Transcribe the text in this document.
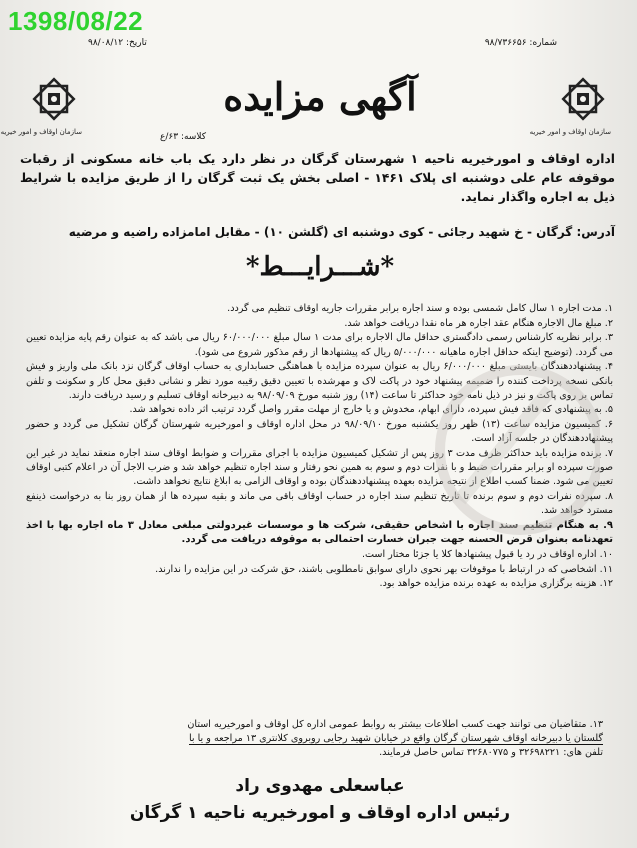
1398/08/22
شماره: ۹۸/۷۳۶۶۵۶
تاریخ: ۹۸/۰۸/۱۲
سازمان اوقاف و امور خیریه
سازمان اوقاف و امور خیریه
آگهی مزایده
کلاسه: ۶۳/ع
اداره اوقاف و امورخیریه ناحیه ۱ شهرستان گرگان در نظر دارد یک باب خانه مسکونی از رقبات موقوفه عام علی دوشنبه ای پلاک ۱۴۶۱ - اصلی بخش یک ثبت گرگان را از طریق مزایده با شرایط ذیل به اجاره واگذار نماید.
آدرس: گرگان - خ شهید رجائی - کوی دوشنبه ای (گلشن ۱۰) - مقابل امامزاده راضیه و مرضیه
*شـــرایـــط*
۱. مدت اجاره ۱ سال کامل شمسی بوده و سند اجاره برابر مقررات جاریه اوقاف تنظیم می گردد.
۲. مبلغ مال الاجاره هنگام عقد اجاره هر ماه نقدا دریافت خواهد شد.
۳. برابر نظریه کارشناس رسمی دادگستری حداقل مال الاجاره برای مدت ۱ سال مبلغ ۶۰/۰۰۰/۰۰۰ ریال می باشد که به عنوان رقم پایه مزایده تعیین می گردد. (توضیح اینکه حداقل اجاره ماهیانه ۵/۰۰۰/۰۰۰ ریال که پیشنهادها از رقم مذکور شروع می شود).
۴. پیشنهاددهندگان بایستی مبلغ ۶/۰۰۰/۰۰۰ ریال به عنوان سپرده مزایده با هماهنگی حسابداری به حساب اوقاف گرگان نزد بانک ملی واریز و فیش بانکی نسخه پرداخت کننده را ضمیمه پیشنهاد خود در پاکت لاک و مهرشده با تعیین دقیق رقیبه مورد نظر و نشانی دقیق محل کار و سکونت و تلفن تماس بر روی پاکت و نیز در ذیل نامه خود حداکثر تا ساعت (۱۴) روز شنبه مورخ ۹۸/۰۹/۰۹ به دبیرخانه اوقاف تسلیم و رسید دریافت دارند.
۵. به پیشنهادی که فاقد فیش سپرده، دارای ابهام، مخدوش و یا خارج از مهلت مقرر واصل گردد ترتیب اثر داده نخواهد شد.
۶. کمیسیون مزایده ساعت (۱۳) ظهر روز یکشنبه مورخ ۹۸/۰۹/۱۰ در محل اداره اوقاف و امورخیریه شهرستان گرگان تشکیل می گردد و حضور پیشنهاددهندگان در جلسه آزاد است.
۷. برنده مزایده باید حداکثر ظرف مدت ۳ روز پس از تشکیل کمیسیون مزایده با اجرای مقررات و ضوابط اوقاف سند اجاره منعقد نماید در غیر این صورت سپرده او برابر مقررات ضبط و با نفرات دوم و سوم به همین نحو رفتار و سند اجاره تنظیم خواهد شد و ضرب الاجل آن در اعلام کتبی اوقاف تعیین می شود. ضمنا کسب اطلاع از نتیجه مزایده بعهده پیشنهاددهندگان بوده و اوقاف الزامی به ابلاغ نتایج نخواهد داشت.
۸. سپرده نفرات دوم و سوم برنده تا تاریخ تنظیم سند اجاره در حساب اوقاف باقی می ماند و بقیه سپرده ها از همان روز بنا به درخواست ذینفع مسترد خواهد شد.
۹. به هنگام تنظیم سند اجاره با اشخاص حقیقی، شرکت ها و موسسات غیردولتی مبلغی معادل ۳ ماه اجاره بها با اخذ تعهدنامه بعنوان قرض الحسنه جهت جبران خسارت احتمالی به موقوفه دریافت می گردد.
۱۰. اداره اوقاف در رد یا قبول پیشنهادها کلا یا جزئا مختار است.
۱۱. اشخاصی که در ارتباط با موقوفات بهر نحوی دارای سوابق نامطلوبی باشند، حق شرکت در این مزایده را ندارند.
۱۲. هزینه برگزاری مزایده به عهده برنده مزایده خواهد بود.
۱۳. متقاضیان می توانند جهت کسب اطلاعات بیشتر به روابط عمومی اداره کل اوقاف و امورخیریه استان
گلستان یا دبیرخانه اوقاف شهرستان گرگان واقع در خیابان شهید رجایی روبروی کلانتری ۱۳ مراجعه و یا با
تلفن های: ۳۲۶۹۸۲۲۱ و ۳۲۶۸۰۷۷۵ تماس حاصل فرمایند.
عباسعلی مهدوی راد
رئیس اداره اوقاف و امورخیریه ناحیه ۱ گرگان
